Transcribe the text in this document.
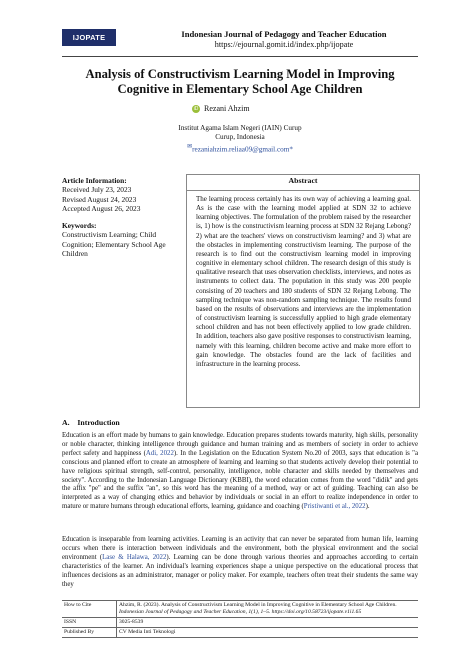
IJOPATE	Indonesian Journal of Pedagogy and Teacher Education
https://ejournal.gomit.id/index.php/ijopate
Analysis of Constructivism Learning Model in Improving Cognitive in Elementary School Age Children
iD Rezani Ahzim
Institut Agama Islam Negeri (IAIN) Curup
Curup, Indonesia
✉rezaniahzim.reliaa09@gmail.com*
Article Information:
Received July 23, 2023
Revised August 24, 2023
Accepted August 26, 2023
Keywords:
Constructivism Learning; Child Cognition; Elementary School Age Children
Abstract
The learning process certainly has its own way of achieving a learning goal. As is the case with the learning model applied at SDN 32 to achieve learning objectives. The formulation of the problem raised by the researcher is, 1) how is the constructivism learning process at SDN 32 Rejang Lebong? 2) what are the teachers' views on constructivism learning? and 3) what are the obstacles in implementing constructivism learning. The purpose of the research is to find out the constructivism learning model in improving cognitive in elementary school children. The research design of this study is qualitative research that uses observation checklists, interviews, and notes as instruments to collect data. The population in this study was 200 people consisting of 20 teachers and 180 students of SDN 32 Rejang Lebong. The sampling technique was non-random sampling technique. The results found based on the results of observations and interviews are the implementation of constructivism learning is successfully applied to high grade elementary school children and has not been effectively applied to low grade children. In addition, teachers also gave positive responses to constructivism learning, namely with this learning, children become active and make more effort to gain knowledge. The obstacles found are the lack of facilities and infrastructure in the learning process.
A. Introduction
Education is an effort made by humans to gain knowledge. Education prepares students towards maturity, high skills, personality or noble character, thinking intelligence through guidance and human training and as members of society in order to achieve perfect safety and happiness (Adi, 2022). In the Legislation on the Education System No.20 of 2003, says that education is "a conscious and planned effort to create an atmosphere of learning and learning so that students actively develop their potential to have religious spiritual strength, self-control, personality, intelligence, noble character and skills needed by themselves and society". According to the Indonesian Language Dictionary (KBBI), the word education comes from the word "didik" and gets the affix "pe" and the suffix "an", so this word has the meaning of a method, way or act of guiding. Teaching can also be interpreted as a way of changing ethics and behavior by individuals or social in an effort to realize independence in order to mature or mature humans through educational efforts, learning, guidance and coaching (Pristiwanti et al., 2022).
Education is inseparable from learning activities. Learning is an activity that can never be separated from human life, learning occurs when there is interaction between individuals and the environment, both the physical environment and the social environment (Lase & Halawa, 2022). Learning can be done through various theories and approaches according to certain characteristics of the learner. An individual's learning experiences shape a unique perspective on the educational process that influences decisions as an administrator, manager or policy maker. For example, teachers often treat their students the same way they
How to Cite	Ahzim, R. (2023). Analysis of Constructivism Learning Model in Improving Cognitive in Elementary School Age Children. Indonesian Journal of Pedagogy and Teacher Education, 1(1), 1–5. https://doi.org/10.58723/ijopate.v1i1.65
ISSN	3025-8539
Published By	CV Media Inti Teknologi
